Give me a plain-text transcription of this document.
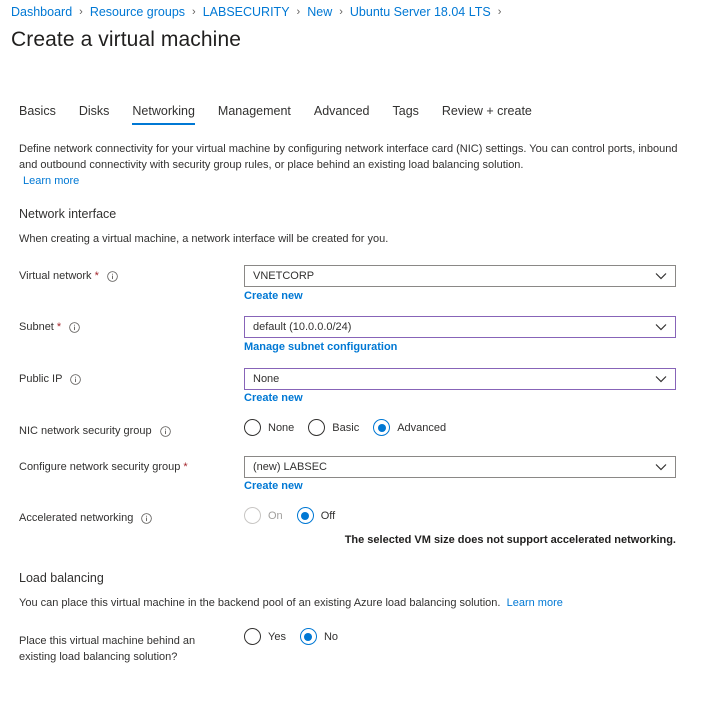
Dashboard › Resource groups › LABSECURITY › New › Ubuntu Server 18.04 LTS ›
Create a virtual machine
Basics Disks Networking Management Advanced Tags Review + create
Define network connectivity for your virtual machine by configuring network interface card (NIC) settings. You can control ports, inbound and outbound connectivity with security group rules, or place behind an existing load balancing solution.
Learn more
Network interface
When creating a virtual machine, a network interface will be created for you.
Virtual network *	VNETCORP
Create new
Subnet *	default (10.0.0.0/24)
Manage subnet configuration
Public IP	None
Create new
NIC network security group	None	Basic	Advanced
Configure network security group *	(new) LABSEC
Create new
Accelerated networking	On	Off
The selected VM size does not support accelerated networking.
Load balancing
You can place this virtual machine in the backend pool of an existing Azure load balancing solution. Learn more
Place this virtual machine behind an
existing load balancing solution?
Yes	No
